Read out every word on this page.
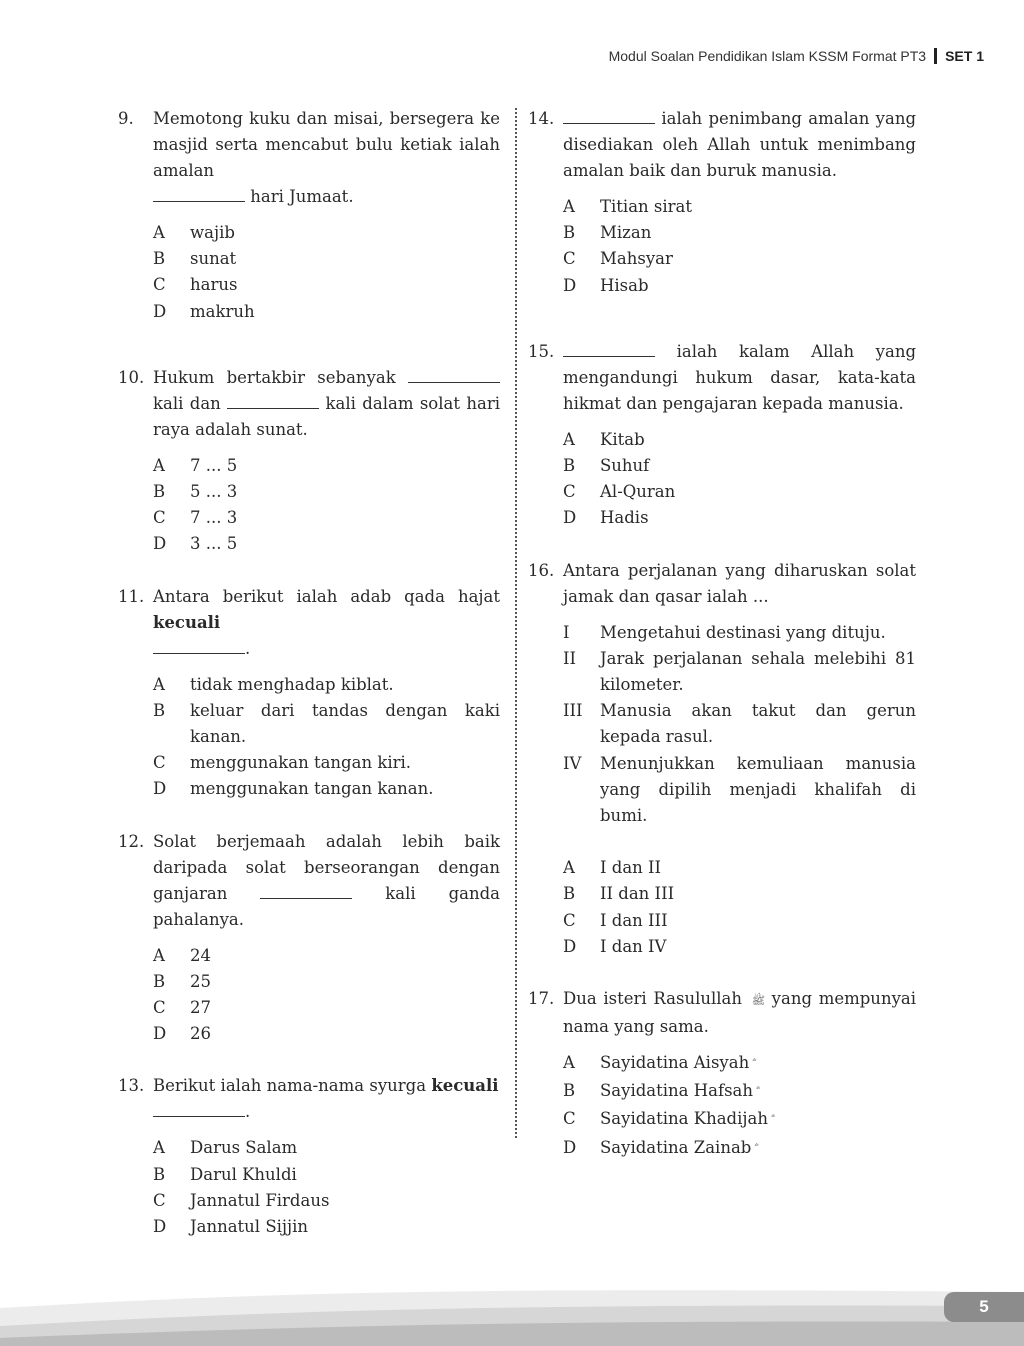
Modul Soalan Pendidikan Islam KSSM Format PT3 SET 1
9. Memotong kuku dan misai, bersegera ke masjid serta mencabut bulu ketiak ialah amalan
hari Jumaat.
A	wajib
B	sunat
C	harus
D	makruh
10. Hukum bertakbir sebanyak  kali dan	kali dalam solat hari raya adalah sunat.
A	7 ... 5
B	5 ... 3
C	7 ... 3
D	3 ... 5
11. Antara berikut ialah adab qada hajat kecuali
.
A	tidak menghadap kiblat.
B	keluar dari tandas dengan kaki kanan.
C	menggunakan tangan kiri.
D	menggunakan tangan kanan.
12. Solat berjemaah adalah lebih baik daripada solat berseorangan dengan ganjaran	kali ganda pahalanya.
A	24
B	25
C	27
D	26
13. Berikut ialah nama-nama syurga kecuali
.
A	Darus Salam
B	Darul Khuldi
C	Jannatul Firdaus
D	Jannatul Sijjin
14.	ialah penimbang amalan yang disediakan oleh Allah untuk menimbang amalan baik dan buruk manusia.
A	Titian sirat
B	Mizan
C	Mahsyar
D	Hisab
15.	ialah kalam Allah yang mengandungi hukum dasar, kata-kata hikmat dan pengajaran kepada manusia.
A	Kitab
B	Suhuf
C	Al-Quran
D	Hadis
16. Antara perjalanan yang diharuskan solat jamak dan qasar ialah ...
I	Mengetahui destinasi yang dituju.
II	Jarak perjalanan sehala melebihi 81 kilometer.
III	Manusia akan takut dan gerun kepada rasul.
IV	Menunjukkan kemuliaan manusia yang dipilih menjadi khalifah di bumi.
A	I dan II
B	II dan III
C	I dan III
D	I dan IV
17. Dua isteri Rasulullah ﷺ yang mempunyai nama yang sama.
A	Sayidatina Aisyah
B	Sayidatina Hafsah
C	Sayidatina Khadijah
D	Sayidatina Zainab
5
